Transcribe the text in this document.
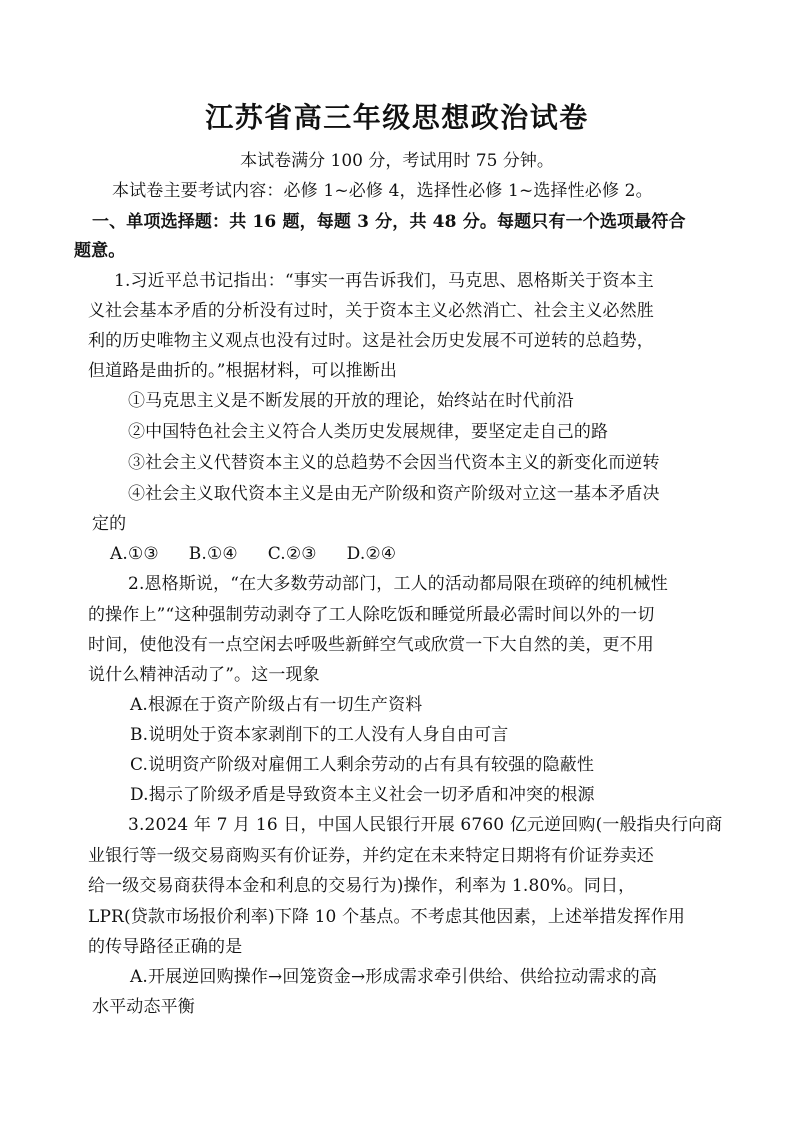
江苏省高三年级思想政治试卷
本试卷满分 100 分，考试用时 75 分钟。
本试卷主要考试内容：必修 1~必修 4，选择性必修 1~选择性必修 2。
一、单项选择题：共 16 题，每题 3 分，共 48 分。每题只有一个选项最符合
题意。
1.习近平总书记指出：“事实一再告诉我们，马克思、恩格斯关于资本主
义社会基本矛盾的分析没有过时，关于资本主义必然消亡、社会主义必然胜
利的历史唯物主义观点也没有过时。这是社会历史发展不可逆转的总趋势，
但道路是曲折的。”根据材料，可以推断出
①马克思主义是不断发展的开放的理论，始终站在时代前沿
②中国特色社会主义符合人类历史发展规律，要坚定走自己的路
③社会主义代替资本主义的总趋势不会因当代资本主义的新变化而逆转
④社会主义取代资本主义是由无产阶级和资产阶级对立这一基本矛盾决
定的
A.①③ B.①④ C.②③ D.②④
2.恩格斯说，“在大多数劳动部门，工人的活动都局限在琐碎的纯机械性
的操作上”“这种强制劳动剥夺了工人除吃饭和睡觉所最必需时间以外的一切
时间，使他没有一点空闲去呼吸些新鲜空气或欣赏一下大自然的美，更不用
说什么精神活动了”。这一现象
A.根源在于资产阶级占有一切生产资料
B.说明处于资本家剥削下的工人没有人身自由可言
C.说明资产阶级对雇佣工人剩余劳动的占有具有较强的隐蔽性
D.揭示了阶级矛盾是导致资本主义社会一切矛盾和冲突的根源
3.2024 年 7 月 16 日，中国人民银行开展 6760 亿元逆回购(一般指央行向商
业银行等一级交易商购买有价证券，并约定在未来特定日期将有价证券卖还
给一级交易商获得本金和利息的交易行为)操作，利率为 1.80%。同日，
LPR(贷款市场报价利率)下降 10 个基点。不考虑其他因素，上述举措发挥作用
的传导路径正确的是
A.开展逆回购操作→回笼资金→形成需求牵引供给、供给拉动需求的高
水平动态平衡
